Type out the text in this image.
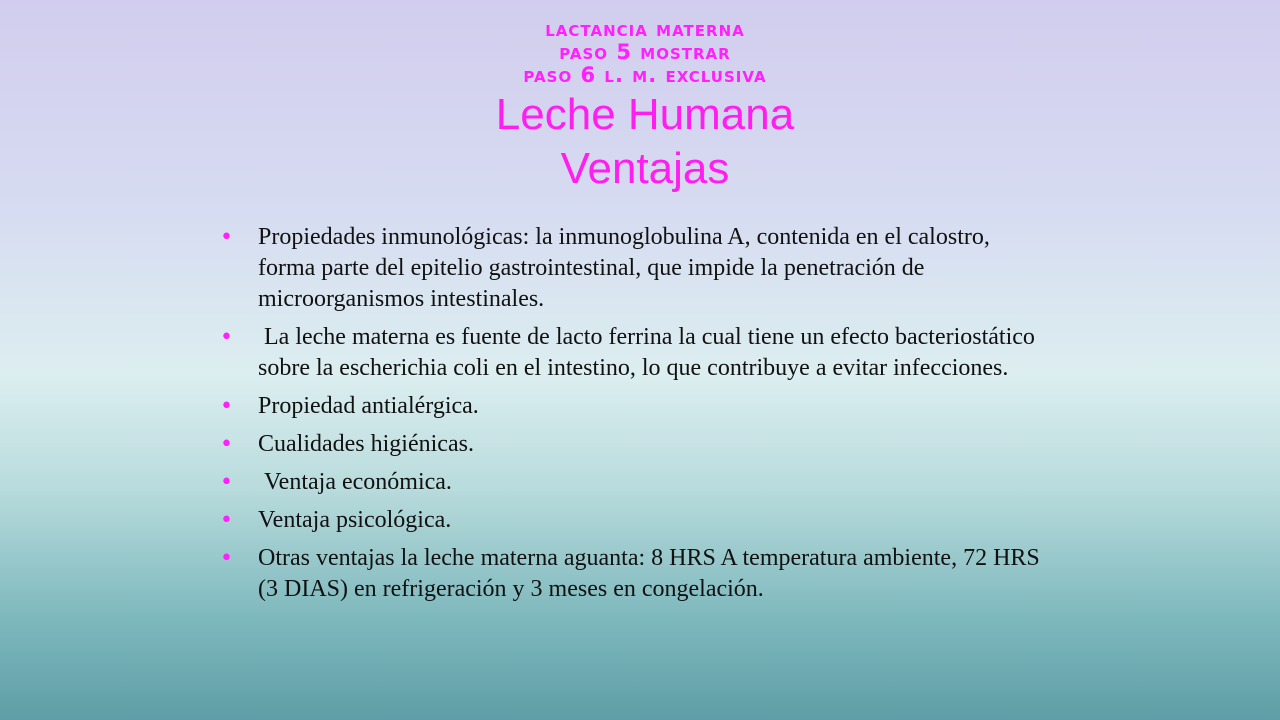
lactancia materna
paso 5 mostrar
paso 6 l. m. exclusiva
Leche Humana
Ventajas
• Propiedades inmunológicas: la inmunoglobulina A, contenida en el calostro, forma parte del epitelio gastrointestinal, que impide la penetración de microorganismos intestinales.
• La leche materna es fuente de lacto ferrina la cual tiene un efecto bacteriostático sobre la escherichia coli en el intestino, lo que contribuye a evitar infecciones.
• Propiedad antialérgica.
• Cualidades higiénicas.
• Ventaja económica.
• Ventaja psicológica.
• Otras ventajas la leche materna aguanta: 8 HRS A temperatura ambiente, 72 HRS (3 DIAS) en refrigeración y 3 meses en congelación.
